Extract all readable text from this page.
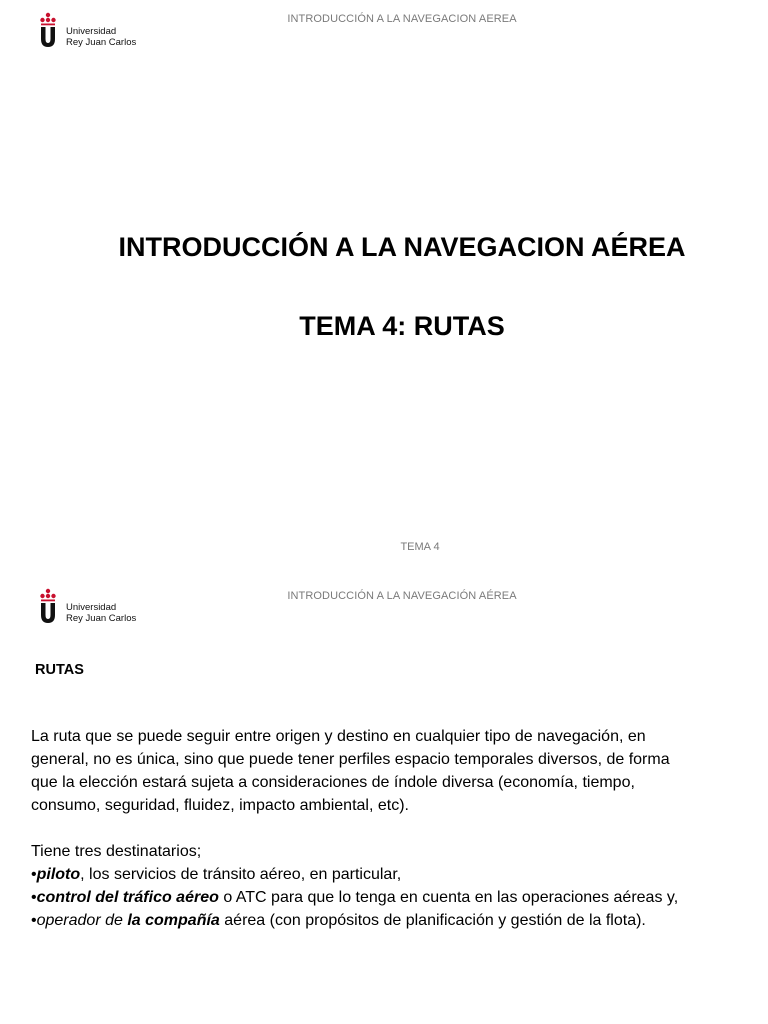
Universidad
Rey Juan Carlos
INTRODUCCIÓN A LA NAVEGACION AEREA
INTRODUCCIÓN A LA NAVEGACION AÉREA
TEMA 4: RUTAS
TEMA 4
Universidad
Rey Juan Carlos
INTRODUCCIÓN A LA NAVEGACIÓN AÉREA
RUTAS

La ruta que se puede seguir entre origen y destino en cualquier tipo de navegación, en

general, no es única, sino que puede tener perfiles espacio temporales diversos, de forma

que la elección estará sujeta a consideraciones de índole diversa (economía, tiempo,

consumo, seguridad, fluidez, impacto ambiental, etc).

Tiene tres destinatarios;

•piloto, los servicios de tránsito aéreo, en particular,

•control del tráfico aéreo o ATC para que lo tenga en cuenta en las operaciones aéreas y,

•operador de la compañía aérea (con propósitos de planificación y gestión de la flota).
